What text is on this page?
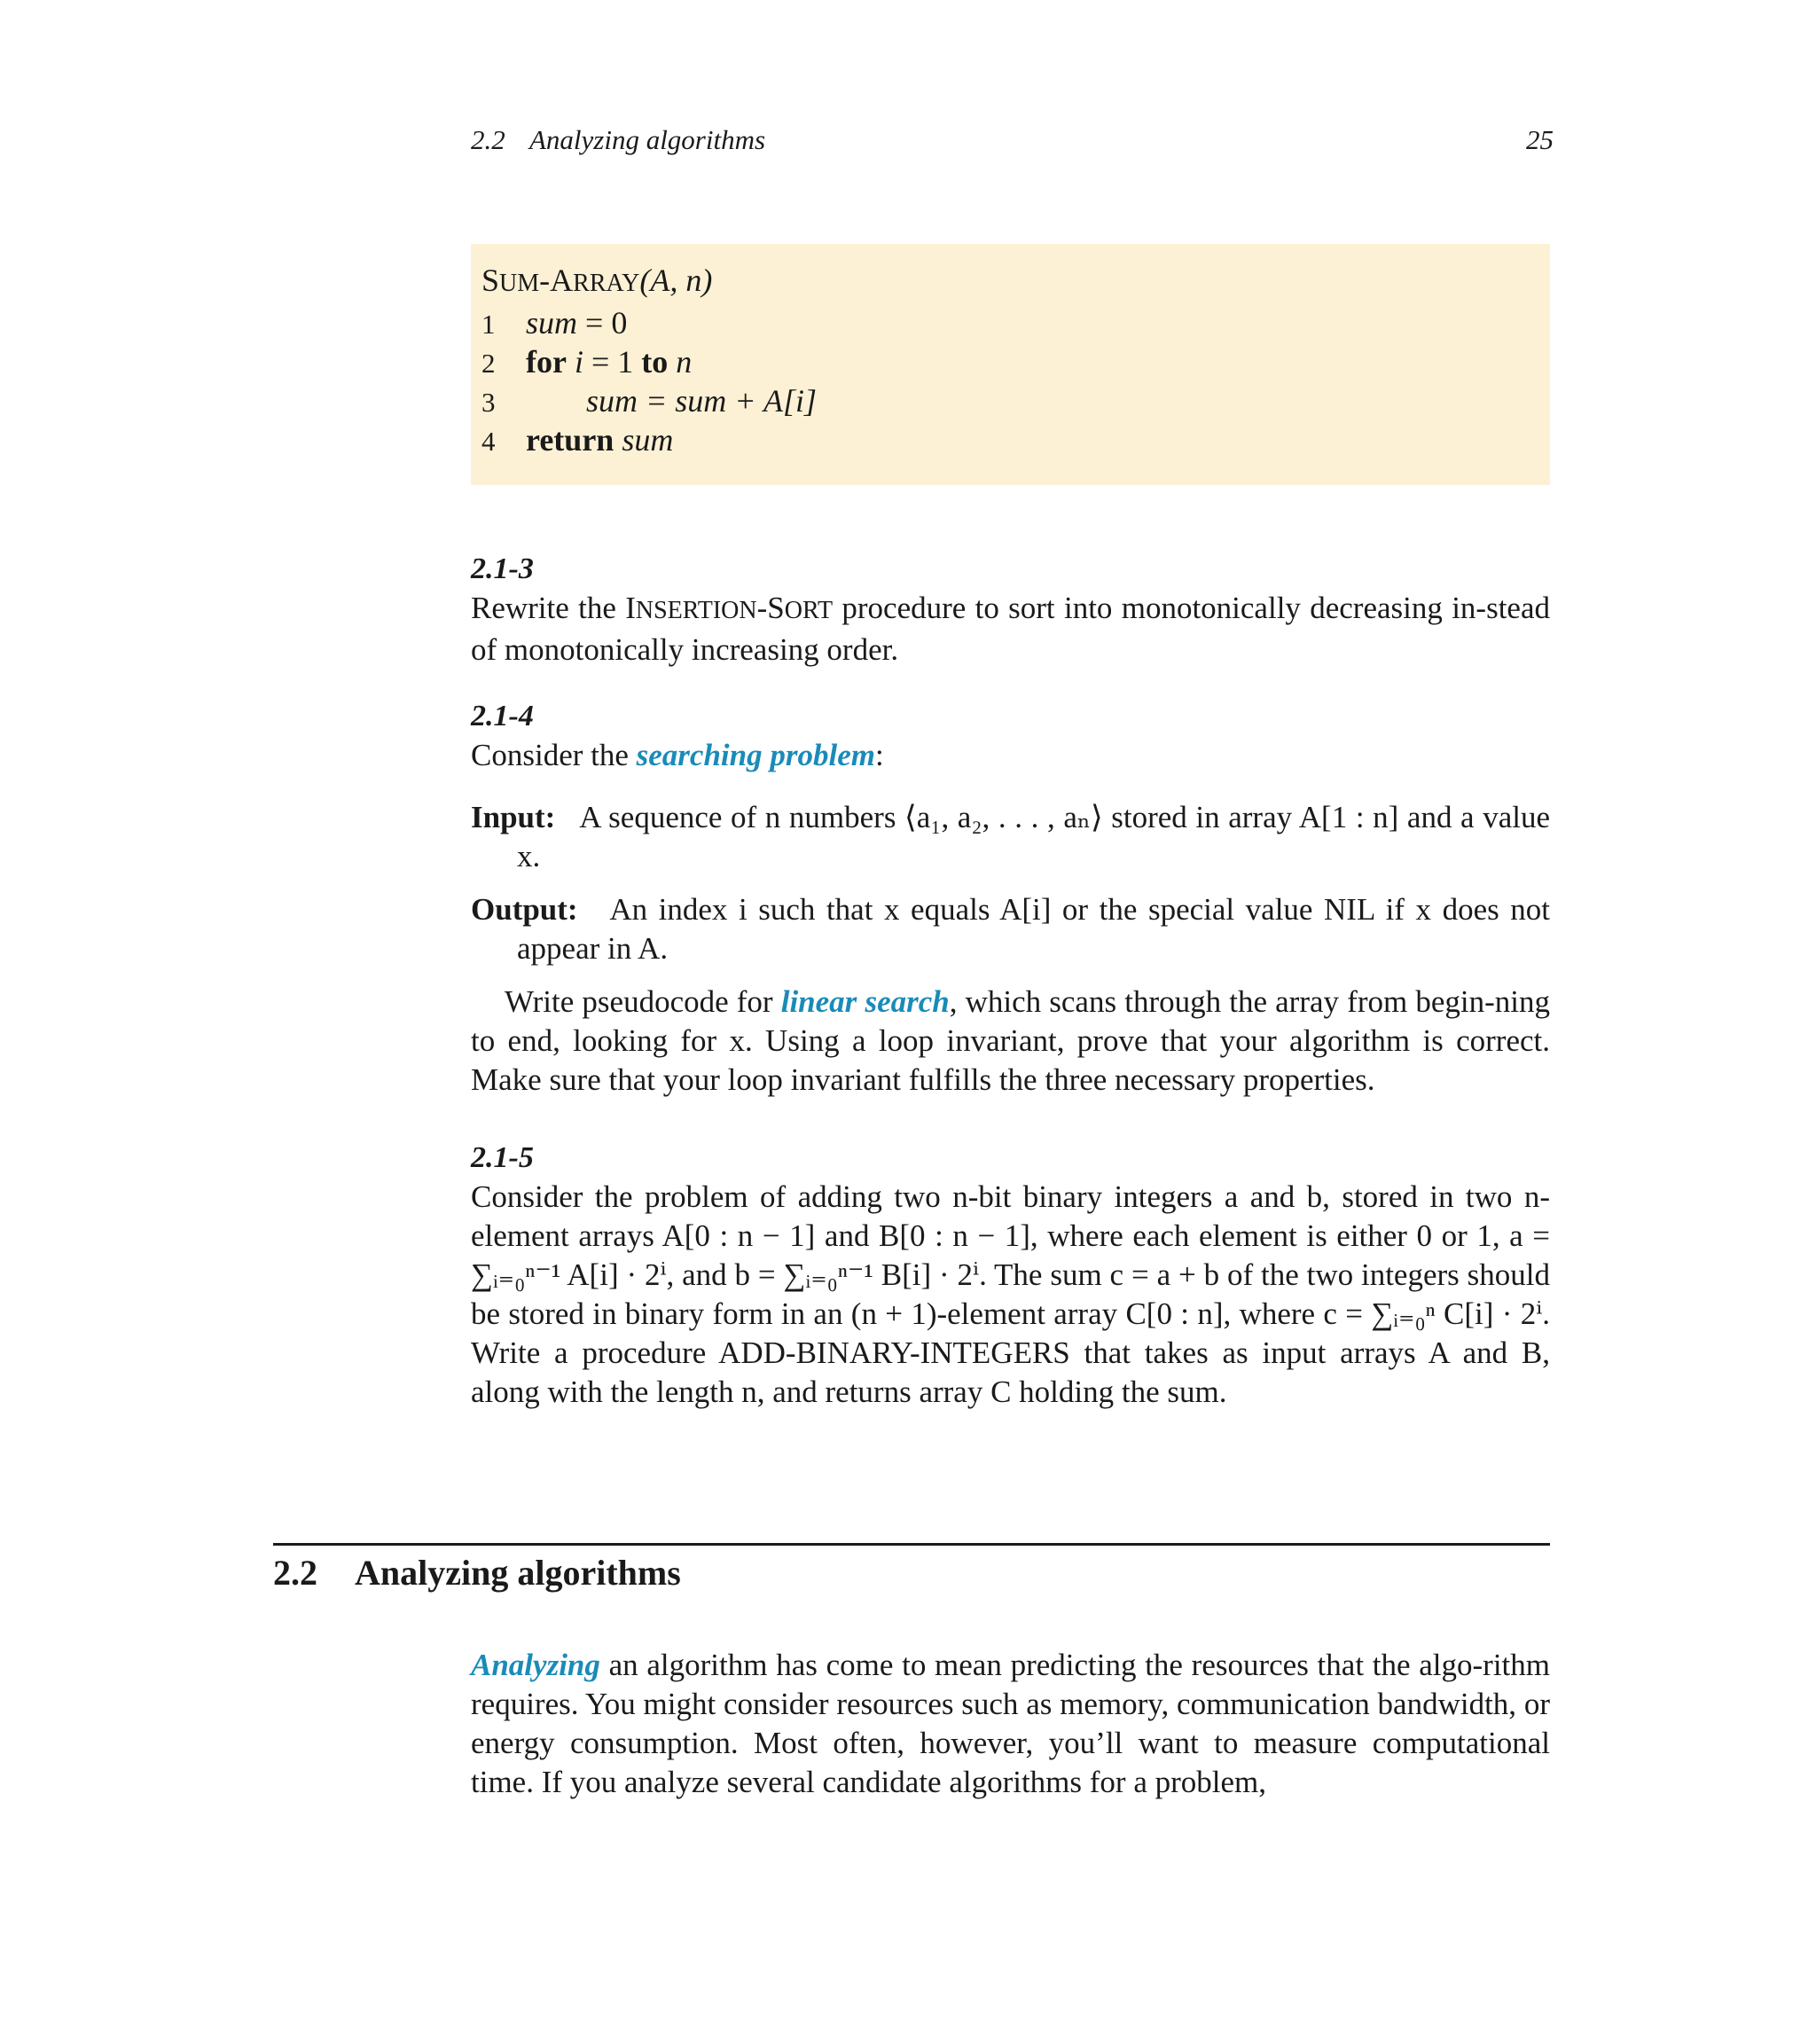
2.2 Analyzing algorithms	25
SUM-ARRAY(A, n)
1 sum = 0
2 for i = 1 to n
3	sum = sum + A[i]
4 return sum
2.1-3
Rewrite the INSERTION-SORT procedure to sort into monotonically decreasing in-stead of monotonically increasing order.
2.1-4
Consider the searching problem:
Input: A sequence of n numbers ⟨a₁, a₂, . . . , aₙ⟩ stored in array A[1 : n] and a value x.
Output: An index i such that x equals A[i] or the special value NIL if x does not appear in A.
Write pseudocode for linear search, which scans through the array from begin-ning to end, looking for x. Using a loop invariant, prove that your algorithm is correct. Make sure that your loop invariant fulfills the three necessary properties.
2.1-5
Consider the problem of adding two n-bit binary integers a and b, stored in two n-element arrays A[0 : n − 1] and B[0 : n − 1], where each element is either 0 or 1, a = ∑ᵢ₌₀ⁿ⁻¹ A[i] · 2ⁱ, and b = ∑ᵢ₌₀ⁿ⁻¹ B[i] · 2ⁱ. The sum c = a + b of the two integers should be stored in binary form in an (n + 1)-element array C[0 : n], where c = ∑ᵢ₌₀ⁿ C[i] · 2ⁱ. Write a procedure ADD-BINARY-INTEGERS that takes as input arrays A and B, along with the length n, and returns array C holding the sum.
2.2 Analyzing algorithms
Analyzing an algorithm has come to mean predicting the resources that the algo-rithm requires. You might consider resources such as memory, communication bandwidth, or energy consumption. Most often, however, you’ll want to measure computational time. If you analyze several candidate algorithms for a problem,
